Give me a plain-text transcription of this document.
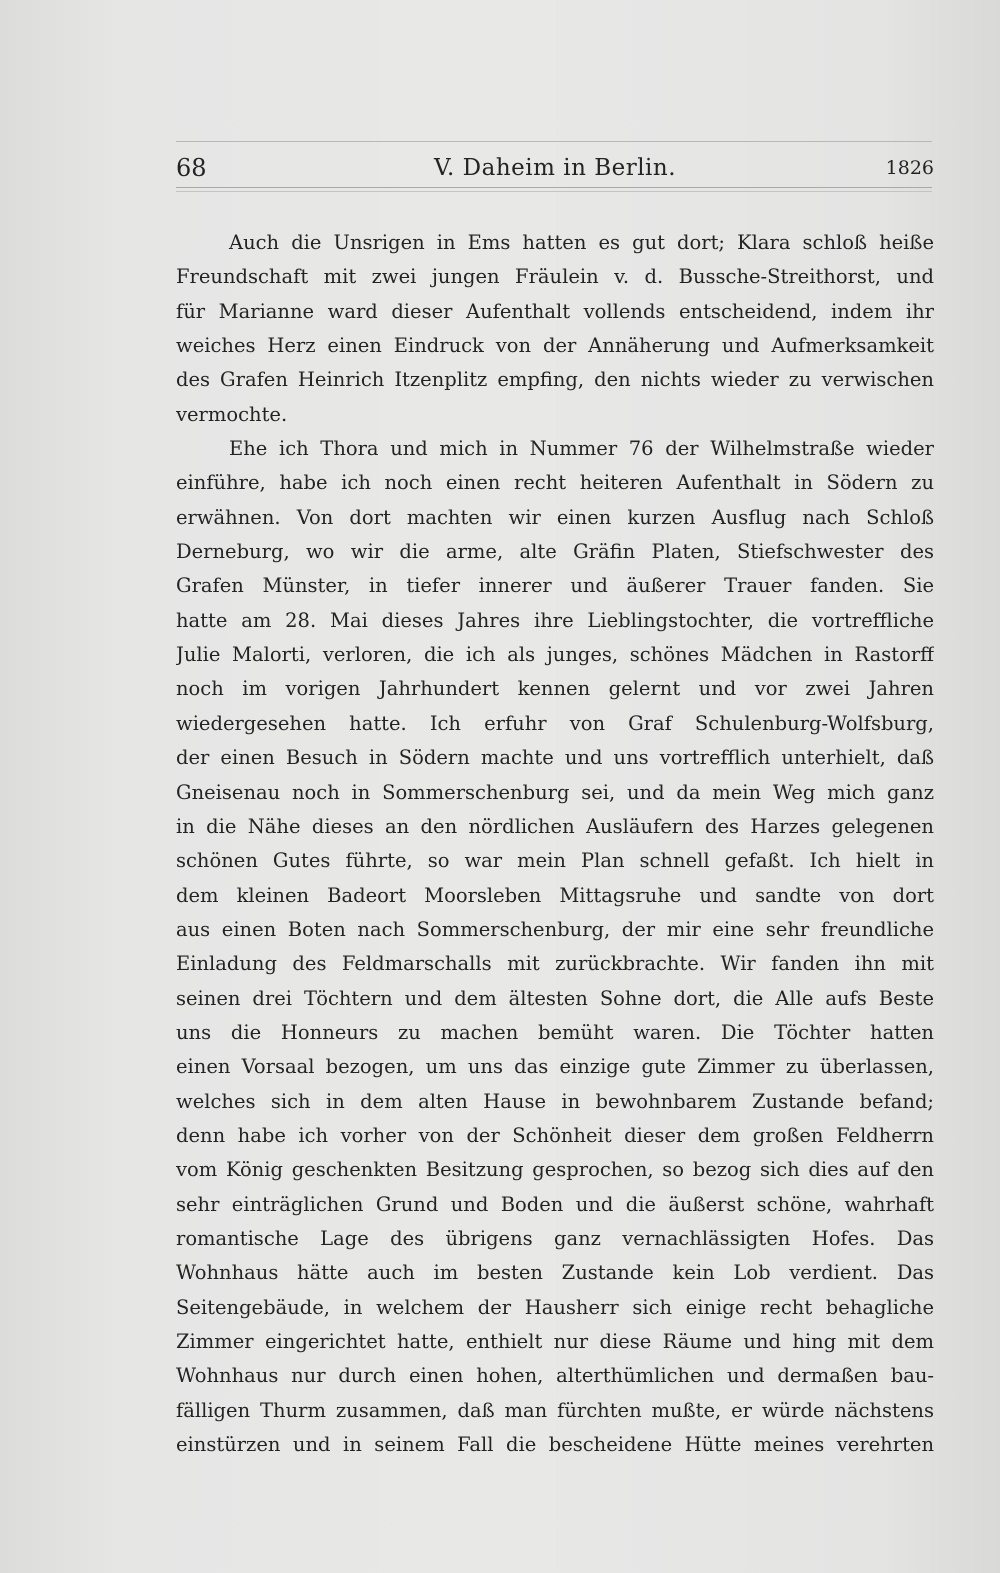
68	V. Daheim in Berlin.	1826
Auch die Unsrigen in Ems hatten es gut dort; Klara schloß heiße
Freundschaft mit zwei jungen Fräulein v. d. Bussche-Streithorst, und
für Marianne ward dieser Aufenthalt vollends entscheidend, indem ihr
weiches Herz einen Eindruck von der Annäherung und Aufmerksamkeit
des Grafen Heinrich Itzenplitz empfing, den nichts wieder zu verwischen
vermochte.
Ehe ich Thora und mich in Nummer 76 der Wilhelmstraße wieder
einführe, habe ich noch einen recht heiteren Aufenthalt in Södern zu
erwähnen. Von dort machten wir einen kurzen Ausflug nach Schloß
Derneburg, wo wir die arme, alte Gräfin Platen, Stiefschwester des
Grafen Münster, in tiefer innerer und äußerer Trauer fanden. Sie
hatte am 28. Mai dieses Jahres ihre Lieblingstochter, die vortreffliche
Julie Malorti, verloren, die ich als junges, schönes Mädchen in Rastorff
noch im vorigen Jahrhundert kennen gelernt und vor zwei Jahren
wiedergesehen hatte. Ich erfuhr von Graf Schulenburg-Wolfsburg,
der einen Besuch in Södern machte und uns vortrefflich unterhielt, daß
Gneisenau noch in Sommerschenburg sei, und da mein Weg mich ganz
in die Nähe dieses an den nördlichen Ausläufern des Harzes gelegenen
schönen Gutes führte, so war mein Plan schnell gefaßt. Ich hielt in
dem kleinen Badeort Moorsleben Mittagsruhe und sandte von dort
aus einen Boten nach Sommerschenburg, der mir eine sehr freundliche
Einladung des Feldmarschalls mit zurückbrachte. Wir fanden ihn mit
seinen drei Töchtern und dem ältesten Sohne dort, die Alle aufs Beste
uns die Honneurs zu machen bemüht waren. Die Töchter hatten
einen Vorsaal bezogen, um uns das einzige gute Zimmer zu überlassen,
welches sich in dem alten Hause in bewohnbarem Zustande befand;
denn habe ich vorher von der Schönheit dieser dem großen Feldherrn
vom König geschenkten Besitzung gesprochen, so bezog sich dies auf den
sehr einträglichen Grund und Boden und die äußerst schöne, wahrhaft
romantische Lage des übrigens ganz vernachlässigten Hofes. Das
Wohnhaus hätte auch im besten Zustande kein Lob verdient. Das
Seitengebäude, in welchem der Hausherr sich einige recht behagliche
Zimmer eingerichtet hatte, enthielt nur diese Räume und hing mit dem
Wohnhaus nur durch einen hohen, alterthümlichen und dermaßen bau-
fälligen Thurm zusammen, daß man fürchten mußte, er würde nächstens
einstürzen und in seinem Fall die bescheidene Hütte meines verehrten
